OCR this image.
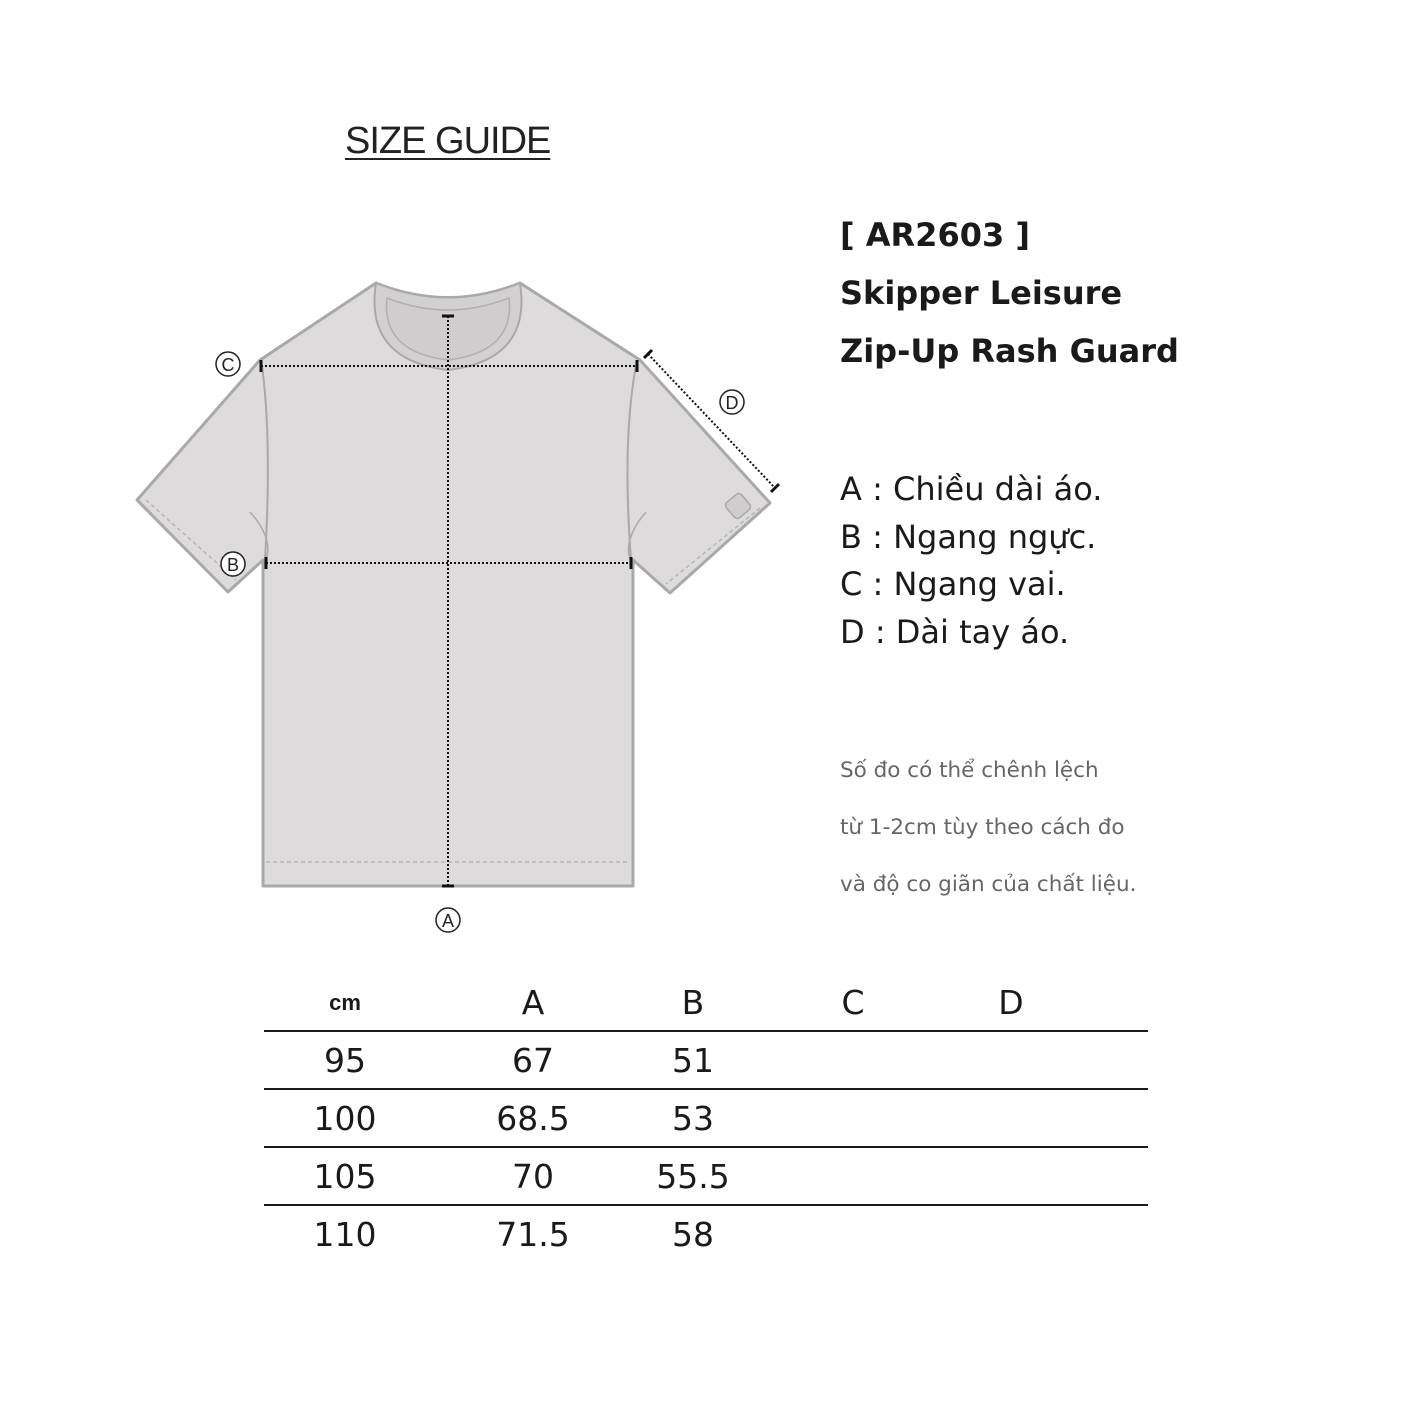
SIZE GUIDE
C
D
B
A
[ AR2603 ]
Skipper Leisure
Zip-Up Rash Guard
A : Chiều dài áo.
B : Ngang ngực.
C : Ngang vai.
D : Dài tay áo.
Số đo có thể chênh lệch
từ 1-2cm tùy theo cách đo
và độ co giãn của chất liệu.
cm	A	B	C	D	
95	67	51			
100	68.5	53			
105	70	55.5			
110	71.5	58			
